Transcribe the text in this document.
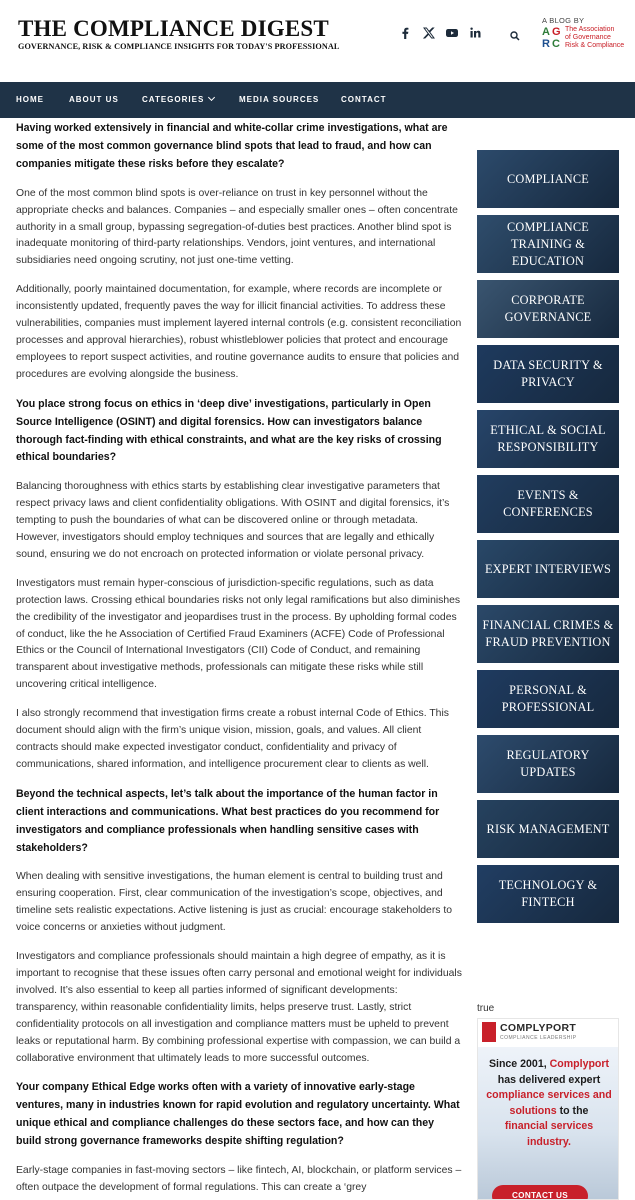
THE COMPLIANCE DIGEST
GOVERNANCE, RISK & COMPLIANCE INSIGHTS FOR TODAY'S PROFESSIONAL
A BLOG BY
A G
R C
The Association
of Governance
Risk & Compliance
HOME	ABOUT US	CATEGORIES	MEDIA SOURCES	CONTACT

Having worked extensively in financial and white-collar crime investigations, what are some of the most common governance blind spots that lead to fraud, and how can companies mitigate these risks before they escalate?

One of the most common blind spots is over-reliance on trust in key personnel without the appropriate checks and balances. Companies – and especially smaller ones – often concentrate authority in a small group, bypassing segregation-of-duties best practices. Another blind spot is inadequate monitoring of third-party relationships. Vendors, joint ventures, and international subsidiaries need ongoing scrutiny, not just one-time vetting.

Additionally, poorly maintained documentation, for example, where records are incomplete or inconsistently updated, frequently paves the way for illicit financial activities. To address these vulnerabilities, companies must implement layered internal controls (e.g. consistent reconciliation processes and approval hierarchies), robust whistleblower policies that protect and encourage employees to report suspect activities, and routine governance audits to ensure that policies and procedures are evolving alongside the business.

You place strong focus on ethics in ‘deep dive’ investigations, particularly in Open Source Intelligence (OSINT) and digital forensics. How can investigators balance thorough fact-finding with ethical constraints, and what are the key risks of crossing ethical boundaries?

Balancing thoroughness with ethics starts by establishing clear investigative parameters that respect privacy laws and client confidentiality obligations. With OSINT and digital forensics, it’s tempting to push the boundaries of what can be discovered online or through metadata. However, investigators should employ techniques and sources that are legally and ethically sound, ensuring we do not encroach on protected information or violate personal privacy.

Investigators must remain hyper-conscious of jurisdiction-specific regulations, such as data protection laws. Crossing ethical boundaries risks not only legal ramifications but also diminishes the credibility of the investigator and jeopardises trust in the process. By upholding formal codes of conduct, like the he Association of Certified Fraud Examiners (ACFE) Code of Professional Ethics or the Council of International Investigators (CII) Code of Conduct, and remaining transparent about investigative methods, professionals can mitigate these risks while still uncovering critical intelligence.

I also strongly recommend that investigation firms create a robust internal Code of Ethics. This document should align with the firm’s unique vision, mission, goals, and values. All client contracts should make expected investigator conduct, confidentiality and privacy of communications, shared information, and intelligence procurement clear to clients as well.

Beyond the technical aspects, let’s talk about the importance of the human factor in client interactions and communications. What best practices do you recommend for investigators and compliance professionals when handling sensitive cases with stakeholders?

When dealing with sensitive investigations, the human element is central to building trust and ensuring cooperation. First, clear communication of the investigation’s scope, objectives, and timeline sets realistic expectations. Active listening is just as crucial: encourage stakeholders to voice concerns or anxieties without judgment.

Investigators and compliance professionals should maintain a high degree of empathy, as it is important to recognise that these issues often carry personal and emotional weight for individuals involved. It’s also essential to keep all parties informed of significant developments: transparency, within reasonable confidentiality limits, helps preserve trust. Lastly, strict confidentiality protocols on all investigation and compliance matters must be upheld to prevent leaks or reputational harm. By combining professional expertise with compassion, we can build a collaborative environment that ultimately leads to more successful outcomes.

Your company Ethical Edge works often with a variety of innovative early-stage ventures, many in industries known for rapid evolution and regulatory uncertainty. What unique ethical and compliance challenges do these sectors face, and how can they build strong governance frameworks despite shifting regulation?

Early-stage companies in fast-moving sectors – like fintech, AI, blockchain, or platform services – often outpace the development of formal regulations. This can create a ‘grey

COMPLIANCE
COMPLIANCE TRAINING & EDUCATION
CORPORATE GOVERNANCE
DATA SECURITY & PRIVACY
ETHICAL & SOCIAL RESPONSIBILITY
EVENTS & CONFERENCES
EXPERT INTERVIEWS
FINANCIAL CRIMES & FRAUD PREVENTION
PERSONAL & PROFESSIONAL
REGULATORY UPDATES
RISK MANAGEMENT
TECHNOLOGY & FINTECH
true
COMPLYPORT
COMPLIANCE LEADERSHIP
Since 2001, Complyport
has delivered expert
compliance services and
solutions to the
financial services
industry.
CONTACT US
